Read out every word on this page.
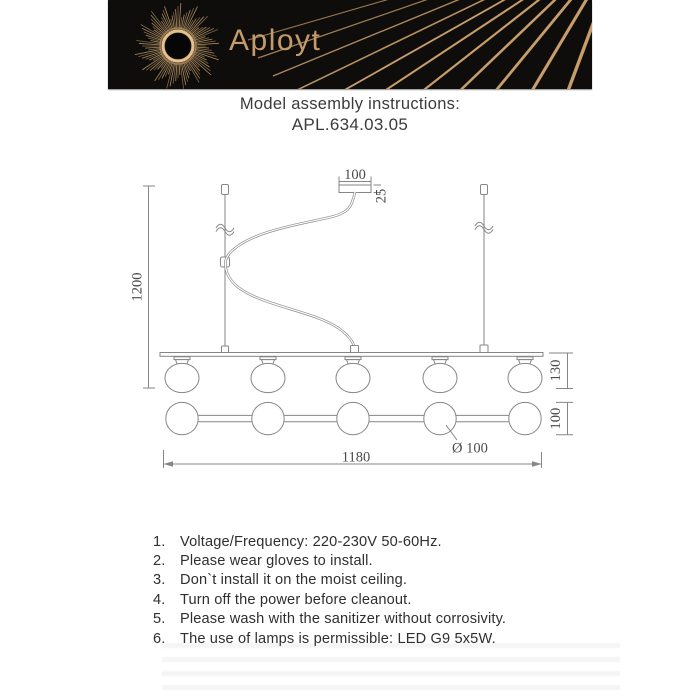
Aployt
Model assembly instructions:
APL.634.03.05
1200
100
25
130
100
Ø 100
1180
1. Voltage/Frequency: 220-230V 50-60Hz.
2. Please wear gloves to install.
3. Don`t install it on the moist ceiling.
4. Turn off the power before cleanout.
5. Please wash with the sanitizer without corrosivity.
6. The use of lamps is permissible: LED G9 5x5W.
